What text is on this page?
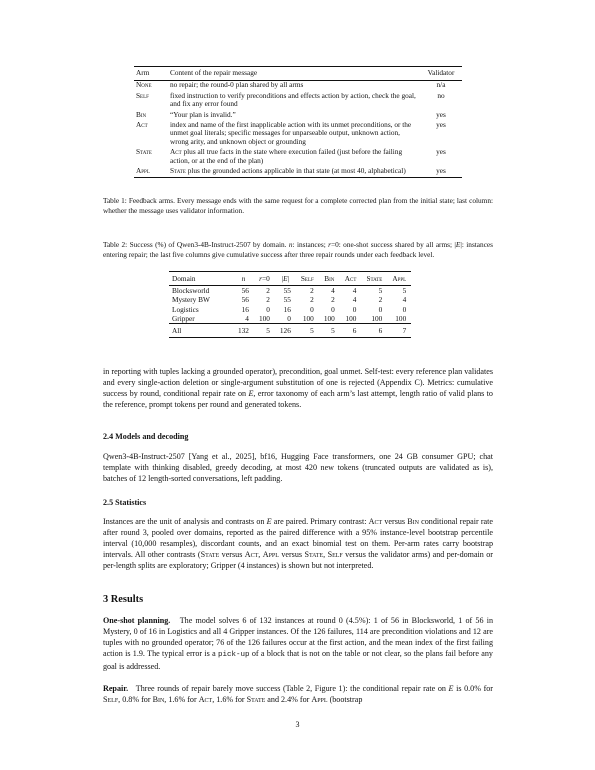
Arm	Content of the repair message	Validator
None	no repair; the round-0 plan shared by all arms	n/a
Self	fixed instruction to verify preconditions and effects action by action, check the goal, and fix any error found	no
Bin	“Your plan is invalid.”	yes
Act	index and name of the first inapplicable action with its unmet preconditions, or the unmet goal literals; specific messages for unparseable output, unknown action, wrong arity, and unknown object or grounding	yes
State	Act plus all true facts in the state where execution failed (just before the failing action, or at the end of the plan)	yes
Appl	State plus the grounded actions applicable in that state (at most 40, alphabetical)	yes
Table 1: Feedback arms. Every message ends with the same request for a complete corrected plan from the initial state; last column: whether the message uses validator information.
Table 2: Success (%) of Qwen3-4B-Instruct-2507 by domain. n: instances; r=0: one-shot success shared by all arms; |E|: instances entering repair; the last five columns give cumulative success after three repair rounds under each feedback level.
Domain	n	r=0	|E|	Self	Bin	Act	State	Appl
Blocksworld	56	2	55	2	4	4	5	5
Mystery BW	56	2	55	2	2	4	2	4
Logistics	16	0	16	0	0	0	0	0
Gripper	4	100	0	100	100	100	100	100
All	132	5	126	5	5	6	6	7

in reporting with tuples lacking a grounded operator), precondition, goal unmet. Self-test: every reference plan validates and every single-action deletion or single-argument substitution of one is rejected (Appendix C). Metrics: cumulative success by round, conditional repair rate on E, error taxonomy of each arm’s last attempt, length ratio of valid plans to the reference, prompt tokens per round and generated tokens.

2.4 Models and decoding
Qwen3-4B-Instruct-2507 [Yang et al., 2025], bf16, Hugging Face transformers, one 24 GB consumer GPU; chat template with thinking disabled, greedy decoding, at most 420 new tokens (truncated outputs are validated as is), batches of 12 length-sorted conversations, left padding.
2.5 Statistics

Instances are the unit of analysis and contrasts on E are paired. Primary contrast: Act versus Bin conditional repair rate after round 3, pooled over domains, reported as the paired difference with a 95% instance-level bootstrap percentile interval (10,000 resamples), discordant counts, and an exact binomial test on them. Per-arm rates carry bootstrap intervals. All other contrasts (State versus Act, Appl versus State, Self versus the validator arms) and per-domain or per-length splits are exploratory; Gripper (4 instances) is shown but not interpreted.

3 Results

One-shot planning.   The model solves 6 of 132 instances at round 0 (4.5%): 1 of 56 in Blocksworld, 1 of 56 in Mystery, 0 of 16 in Logistics and all 4 Gripper instances. Of the 126 failures, 114 are precondition violations and 12 are tuples with no grounded operator; 76 of the 126 failures occur at the first action, and the mean index of the first failing action is 1.9. The typical error is a pick-up of a block that is not on the table or not clear, so the plans fail before any goal is addressed.

Repair.   Three rounds of repair barely move success (Table 2, Figure 1): the conditional repair rate on E is 0.0% for Self, 0.8% for Bin, 1.6% for Act, 1.6% for State and 2.4% for Appl (bootstrap

3
